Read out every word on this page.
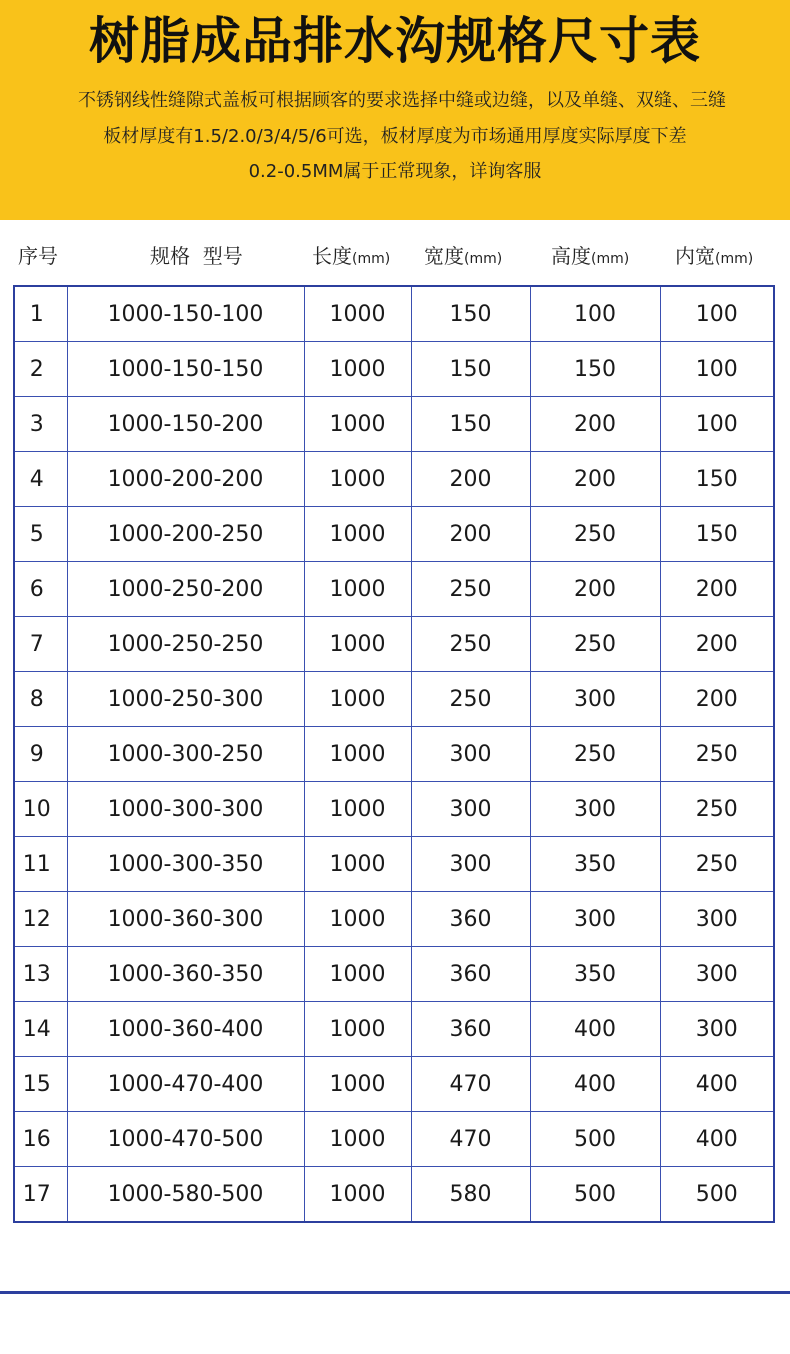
树脂成品排水沟规格尺寸表
不锈钢线性缝隙式盖板可根据顾客的要求选择中缝或边缝，以及单缝、双缝、三缝
板材厚度有1.5/2.0/3/4/5/6可选，板材厚度为市场通用厚度实际厚度下差
0.2-0.5MM属于正常现象，详询客服
序号	规格  型号	长度(mm) 宽度(mm) 高度(mm) 内宽(mm)
1	1000-150-100	1000	150	100	100
2	1000-150-150	1000	150	150	100
3	1000-150-200	1000	150	200	100
4	1000-200-200	1000	200	200	150
5	1000-200-250	1000	200	250	150
6	1000-250-200	1000	250	200	200
7	1000-250-250	1000	250	250	200
8	1000-250-300	1000	250	300	200
9	1000-300-250	1000	300	250	250
10	1000-300-300	1000	300	300	250
11	1000-300-350	1000	300	350	250
12	1000-360-300	1000	360	300	300
13	1000-360-350	1000	360	350	300
14	1000-360-400	1000	360	400	300
15	1000-470-400	1000	470	400	400
16	1000-470-500	1000	470	500	400
17	1000-580-500	1000	580	500	500
